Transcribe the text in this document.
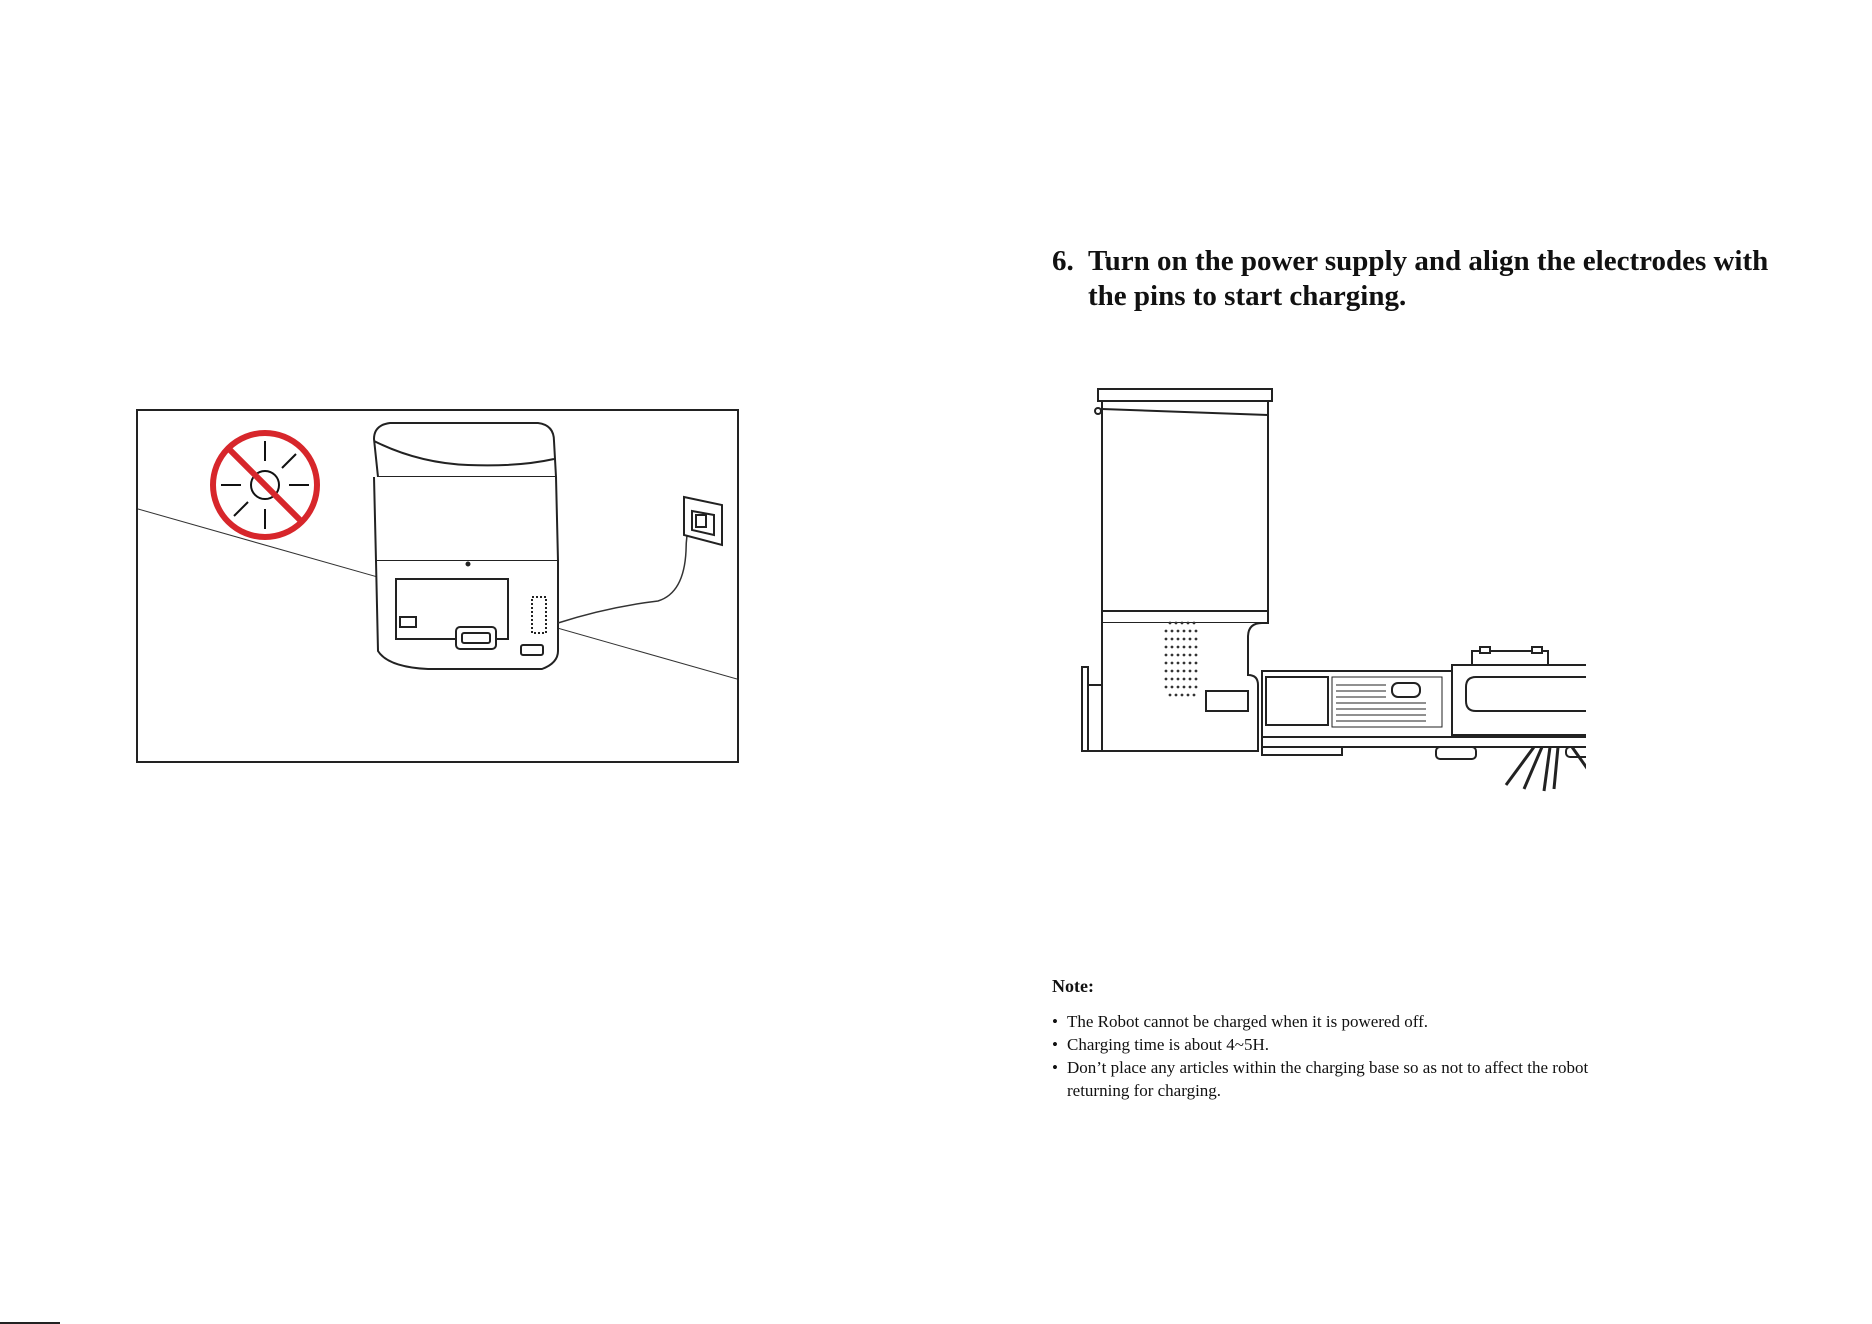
6. Turn on the power supply and align the electrodes with the pins to start charging.
Note:
• The Robot cannot be charged when it is powered off.
• Charging time is about 4~5H.
• Don’t place any articles within the charging base so as not to affect the robot returning for charging.
